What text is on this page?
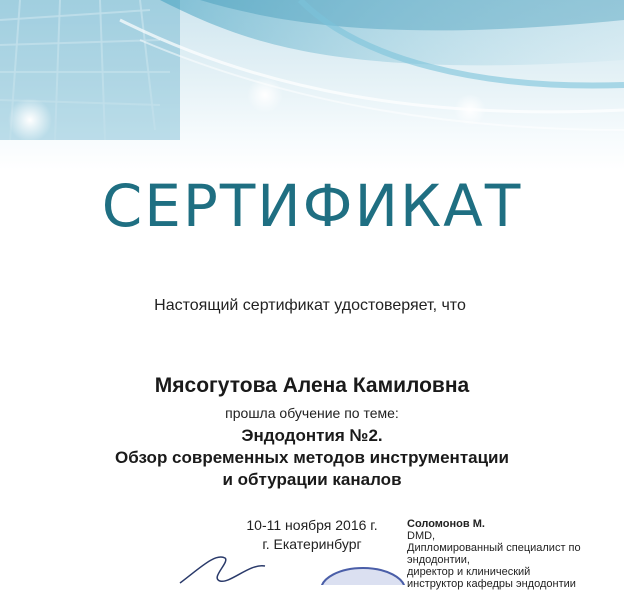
СЕРТИФИКАТ
Настоящий сертификат удостоверяет, что
Мясогутова Алена Камиловна
прошла обучение по теме:
Эндодонтия №2.
Обзор современных методов инструментации
и обтурации каналов
10-11 ноября 2016 г.
г. Екатеринбург
Соломонов М.
DMD,
Дипломированный специалист по
эндодонтии,
директор и клинический
инструктор кафедры эндодонтии
